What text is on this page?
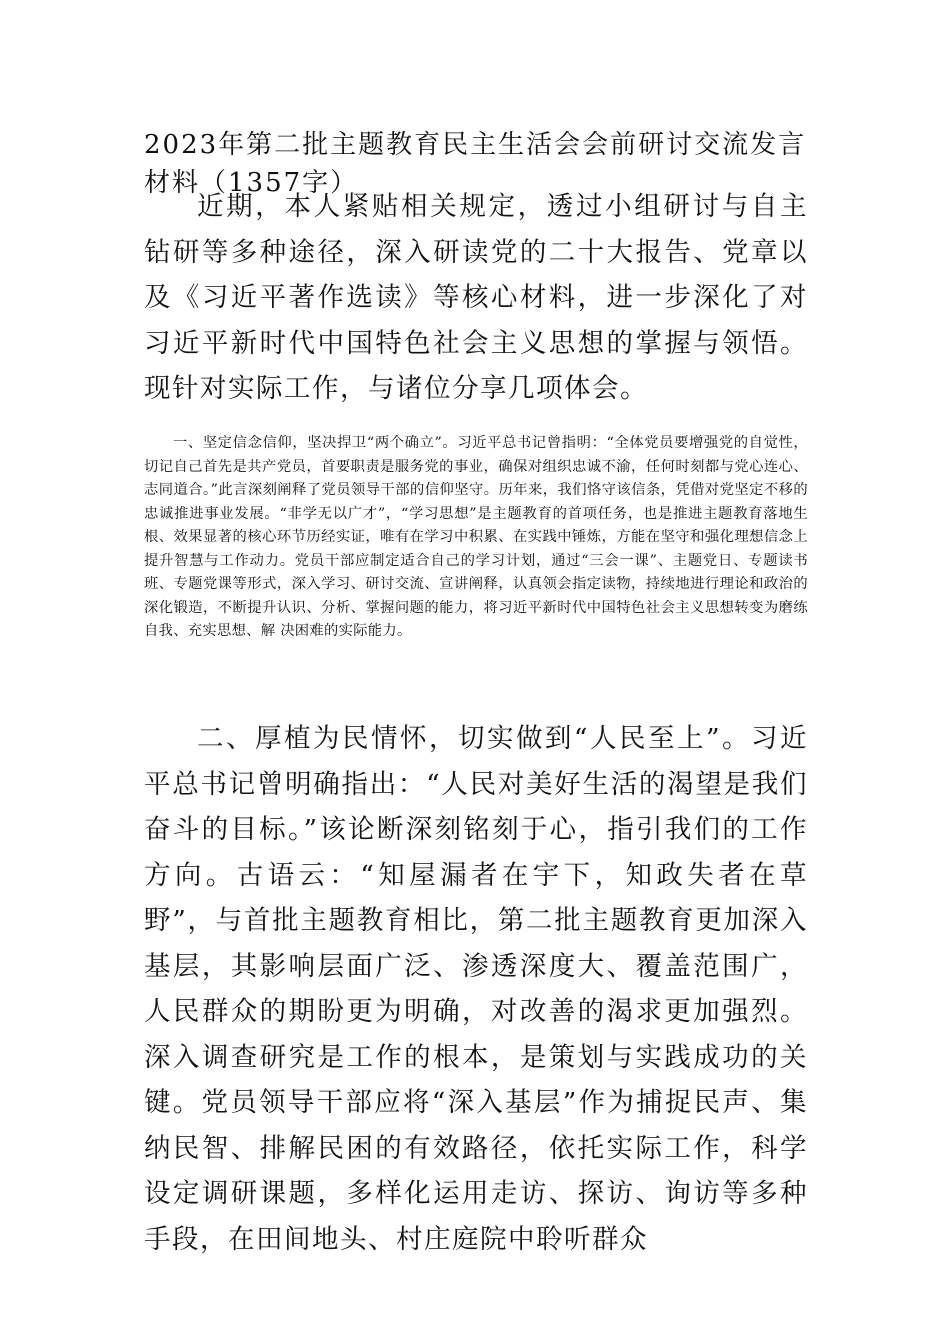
2023年第二批主题教育民主生活会会前研讨交流发言材料（1357字）

近期，本人紧贴相关规定，透过小组研讨与自主钻研等多种途径，深入研读党的二十大报告、党章以及《习近平著作选读》等核心材料，进一步深化了对习近平新时代中国特色社会主义思想的掌握与领悟。现针对实际工作，与诸位分享几项体会。

一、坚定信念信仰，坚决捍卫“两个确立”。习近平总书记曾指明：“全体党员要增强党的自觉性，切记自己首先是共产党员，首要职责是服务党的事业，确保对组织忠诚不渝，任何时刻都与党心连心、志同道合。”此言深刻阐释了党员领导干部的信仰坚守。历年来，我们恪守该信条，凭借对党坚定不移的忠诚推进事业发展。“非学无以广才”，“学习思想”是主题教育的首项任务，也是推进主题教育落地生根、效果显著的核心环节历经实证，唯有在学习中积累、在实践中锤炼，方能在坚守和强化理想信念上提升智慧与工作动力。党员干部应制定适合自己的学习计划，通过“三会一课”、主题党日、专题读书班、专题党课等形式，深入学习、研讨交流、宣讲阐释，认真领会指定读物，持续地进行理论和政治的深化锻造，不断提升认识、分析、掌握问题的能力，将习近平新时代中国特色社会主义思想转变为磨练自我、充实思想、解 决困难的实际能力。

二、厚植为民情怀，切实做到“人民至上”。习近平总书记曾明确指出：“人民对美好生活的渴望是我们奋斗的目标。”该论断深刻铭刻于心，指引我们的工作方向。古语云：“知屋漏者在宇下，知政失者在草野”，与首批主题教育相比，第二批主题教育更加深入基层，其影响层面广泛、渗透深度大、覆盖范围广，人民群众的期盼更为明确，对改善的渴求更加强烈。深入调查研究是工作的根本，是策划与实践成功的关键。党员领导干部应将“深入基层”作为捕捉民声、集纳民智、排解民困的有效路径，依托实际工作，科学设定调研课题，多样化运用走访、探访、询访等多种手段，在田间地头、村庄庭院中聆听群众
